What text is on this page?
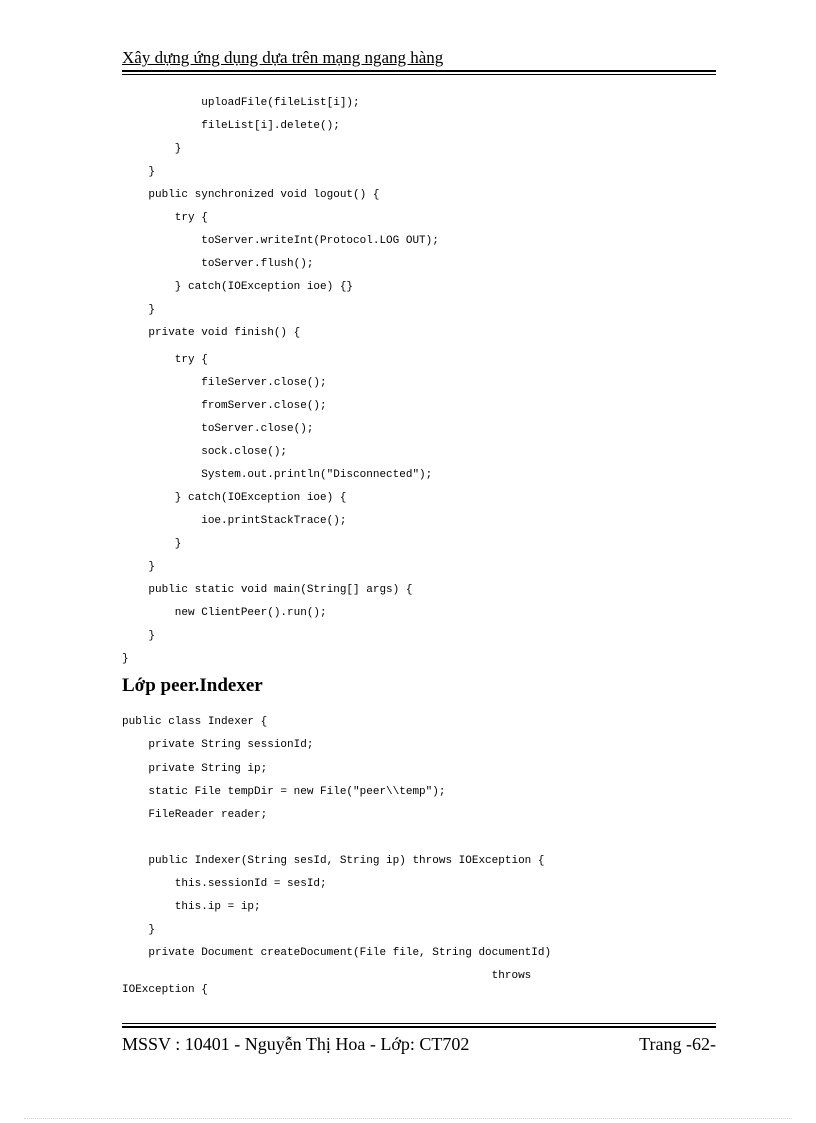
Xây dựng ứng dụng dựa trên mạng ngang hàng
uploadFile(fileList[i]);
fileList[i].delete();
}
}
public synchronized void logout() {
try {
toServer.writeInt(Protocol.LOG OUT);
toServer.flush();
} catch(IOException ioe) {}
}
private void finish() {
try {
fileServer.close();
fromServer.close();
toServer.close();
sock.close();
System.out.println("Disconnected");
} catch(IOException ioe) {
ioe.printStackTrace();
}
}
public static void main(String[] args) {
new ClientPeer().run();
}
}
Lớp peer.Indexer
public class Indexer {
private String sessionId;
private String ip;
static File tempDir = new File("peer\\temp");
FileReader reader;
public Indexer(String sesId, String ip) throws IOException {
this.sessionId = sesId;
this.ip = ip;
}
private Document createDocument(File file, String documentId)
throws
IOException {
MSSV : 10401 - Nguyễn Thị Hoa - Lớp: CT702	Trang -62-
